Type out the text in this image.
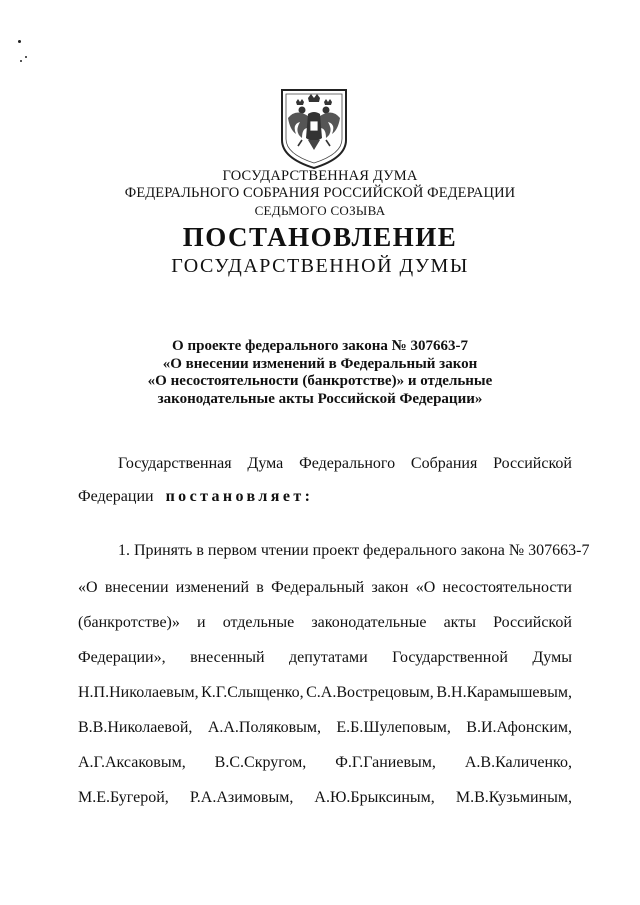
ГОСУДАРСТВЕННАЯ ДУМА
ФЕДЕРАЛЬНОГО СОБРАНИЯ РОССИЙСКОЙ ФЕДЕРАЦИИ
СЕДЬМОГО СОЗЫВА
ПОСТАНОВЛЕНИЕ
ГОСУДАРСТВЕННОЙ ДУМЫ
О проекте федерального закона № 307663-7
«О внесении изменений в Федеральный закон
«О несостоятельности (банкротстве)» и отдельные
законодательные акты Российской Федерации»
Государственная Дума Федерального Собрания Российской
Федерации постановляет:
1. Принять в первом чтении проект федерального закона № 307663-7
«О внесении изменений в Федеральный закон «О несостоятельности
(банкротстве)» и отдельные законодательные акты Российской
Федерации», внесенный депутатами Государственной Думы
Н.П.Николаевым, К.Г.Слыщенко, С.А.Вострецовым, В.Н.Карамышевым,
В.В.Николаевой, А.А.Поляковым, Е.Б.Шулеповым, В.И.Афонским,
А.Г.Аксаковым, В.С.Скругом, Ф.Г.Ганиевым, А.В.Каличенко,
М.Е.Бугерой, Р.А.Азимовым, А.Ю.Брыксиным, М.В.Кузьминым,
